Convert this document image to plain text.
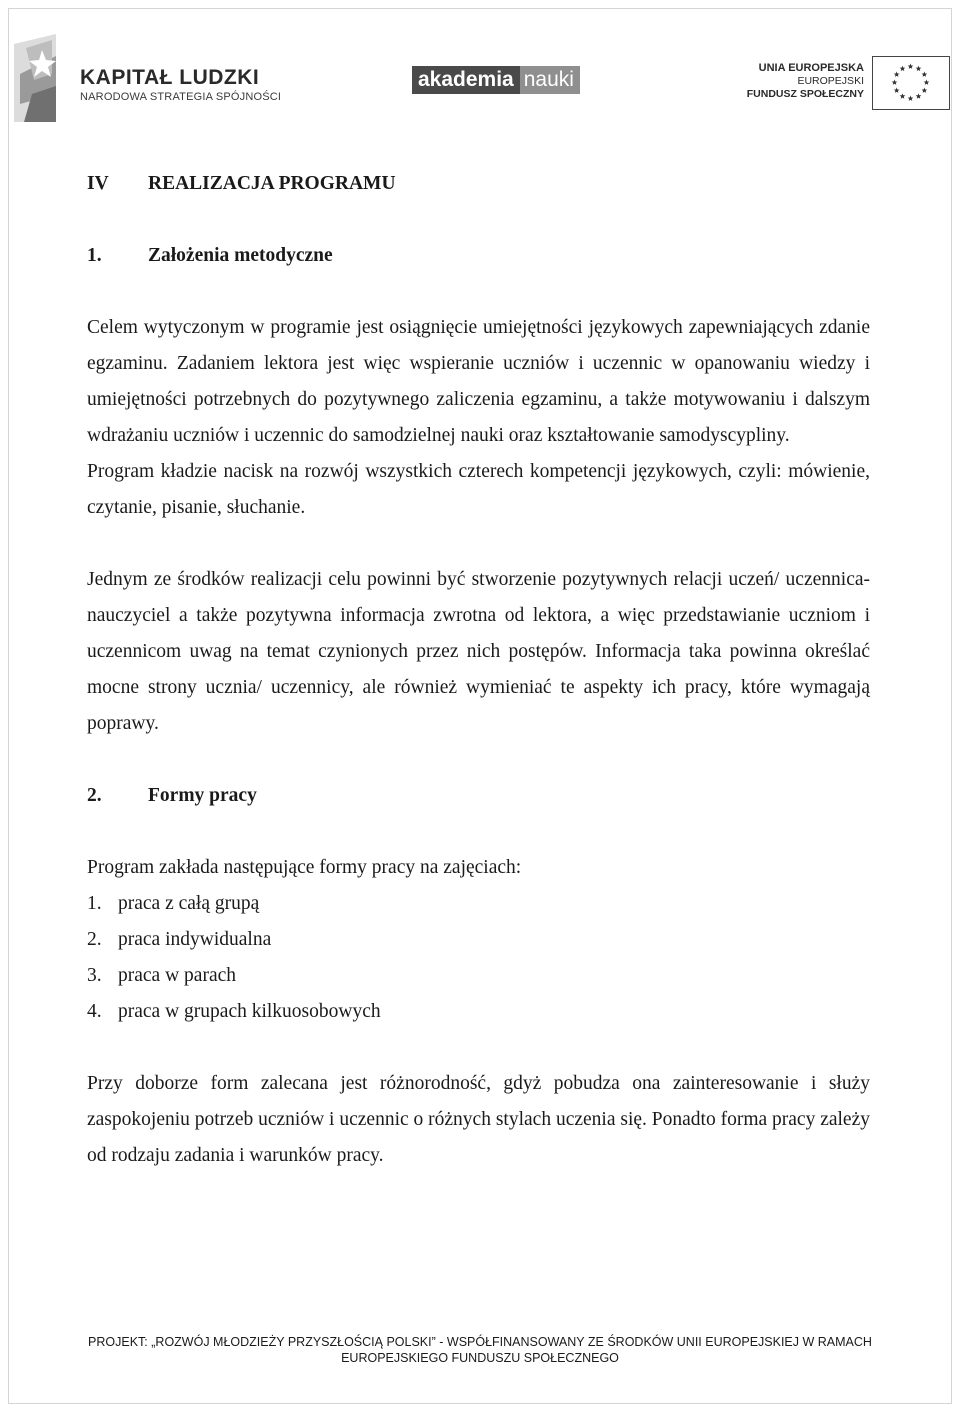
KAPITAŁ LUDZKI
NARODOWA STRATEGIA SPÓJNOŚCI
akademia nauki	UNIA EUROPEJSKA
EUROPEJSKI
FUNDUSZ SPOŁECZNY
IV	REALIZACJA PROGRAMU
1.	Założenia metodyczne

Celem wytyczonym w programie jest osiągnięcie umiejętności językowych zapewniających zdanie egzaminu. Zadaniem lektora jest więc wspieranie uczniów i uczennic w opanowaniu wiedzy i umiejętności potrzebnych do pozytywnego zaliczenia egzaminu, a także motywowaniu i dalszym wdrażaniu uczniów i uczennic do samodzielnej nauki oraz kształtowanie samodyscypliny.

Program kładzie nacisk na rozwój wszystkich czterech kompetencji językowych, czyli: mówienie, czytanie, pisanie, słuchanie.

Jednym ze środków realizacji celu powinni być stworzenie pozytywnych relacji uczeń/ uczennica- nauczyciel a także pozytywna informacja zwrotna od lektora, a więc przedstawianie uczniom i uczennicom uwag na temat czynionych przez nich postępów. Informacja taka powinna określać mocne strony ucznia/ uczennicy, ale również wymieniać te aspekty ich pracy, które wymagają poprawy.

2.	Formy pracy

Program zakłada następujące formy pracy na zajęciach:

1. praca z całą grupą
2. praca indywidualna
3. praca w parach
4. praca w grupach kilkuosobowych

Przy doborze form zalecana jest różnorodność, gdyż pobudza ona zainteresowanie i służy zaspokojeniu potrzeb uczniów i uczennic o różnych stylach uczenia się. Ponadto forma pracy zależy od rodzaju zadania i warunków pracy.

PROJEKT: „ROZWÓJ MŁODZIEŻY PRZYSZŁOŚCIĄ POLSKI” - WSPÓŁFINANSOWANY ZE ŚRODKÓW UNII EUROPEJSKIEJ W RAMACH
EUROPEJSKIEGO FUNDUSZU SPOŁECZNEGO
